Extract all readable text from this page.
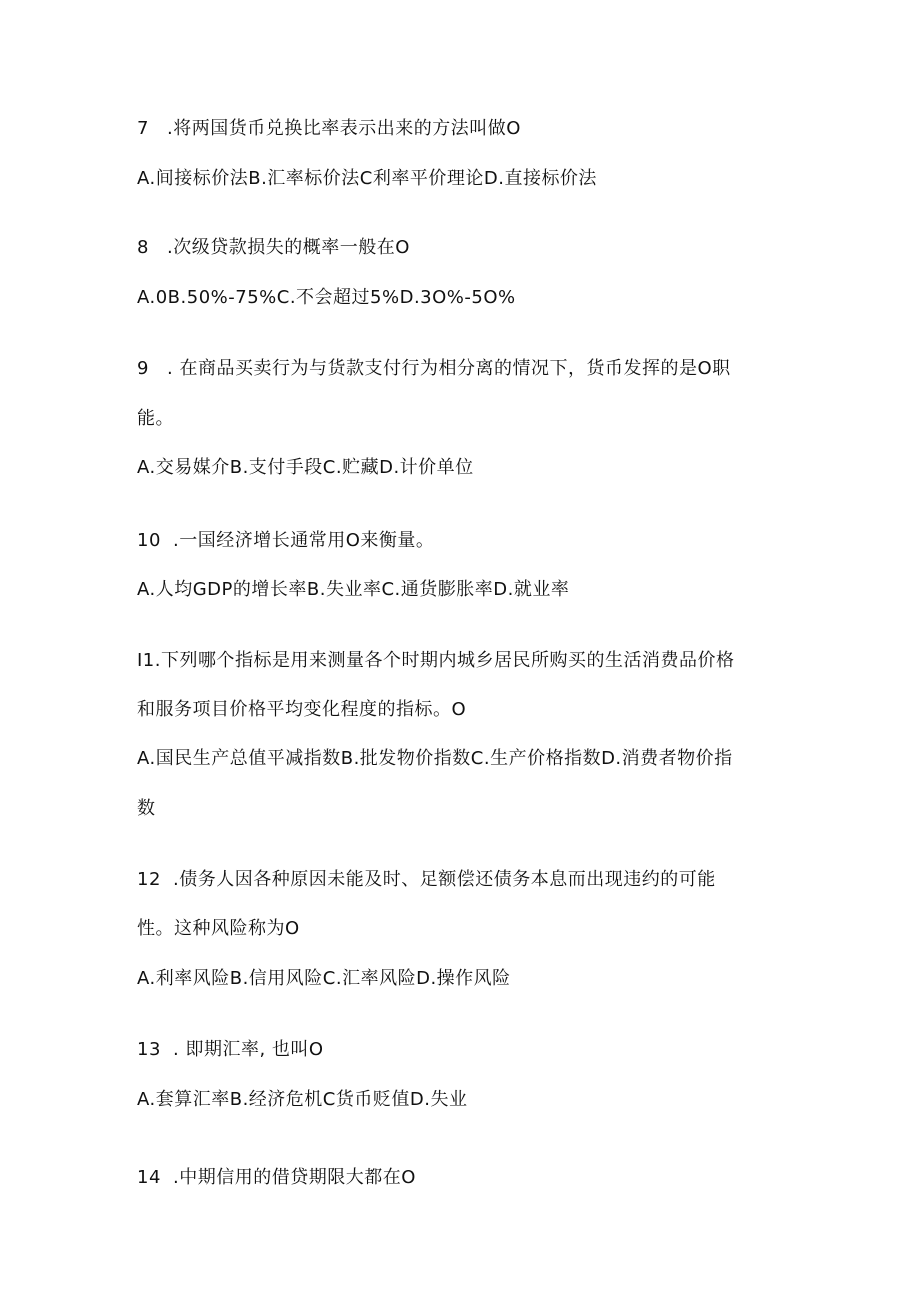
7 .将两国货币兑换比率表示出来的方法叫做O
A.间接标价法B.汇率标价法C利率平价理论D.直接标价法
8 .次级贷款损失的概率一般在O
A.0B.50%-75%C.不会超过5%D.3O%-5O%
9 . 在商品买卖行为与货款支付行为相分离的情况下，货币发挥的是O职
能。
A.交易媒介B.支付手段C.贮藏D.计价单位
10 .一国经济增长通常用O来衡量。
A.人均GDP的增长率B.失业率C.通货膨胀率D.就业率
I1.下列哪个指标是用来测量各个时期内城乡居民所购买的生活消费品价格
和服务项目价格平均变化程度的指标。O
A.国民生产总值平减指数B.批发物价指数C.生产价格指数D.消费者物价指
数
12 .债务人因各种原因未能及时、足额偿还债务本息而出现违约的可能
性。这种风险称为O
A.利率风险B.信用风险C.汇率风险D.操作风险
13 . 即期汇率, 也叫O
A.套算汇率B.经济危机C货币贬值D.失业
14 .中期信用的借贷期限大都在O
